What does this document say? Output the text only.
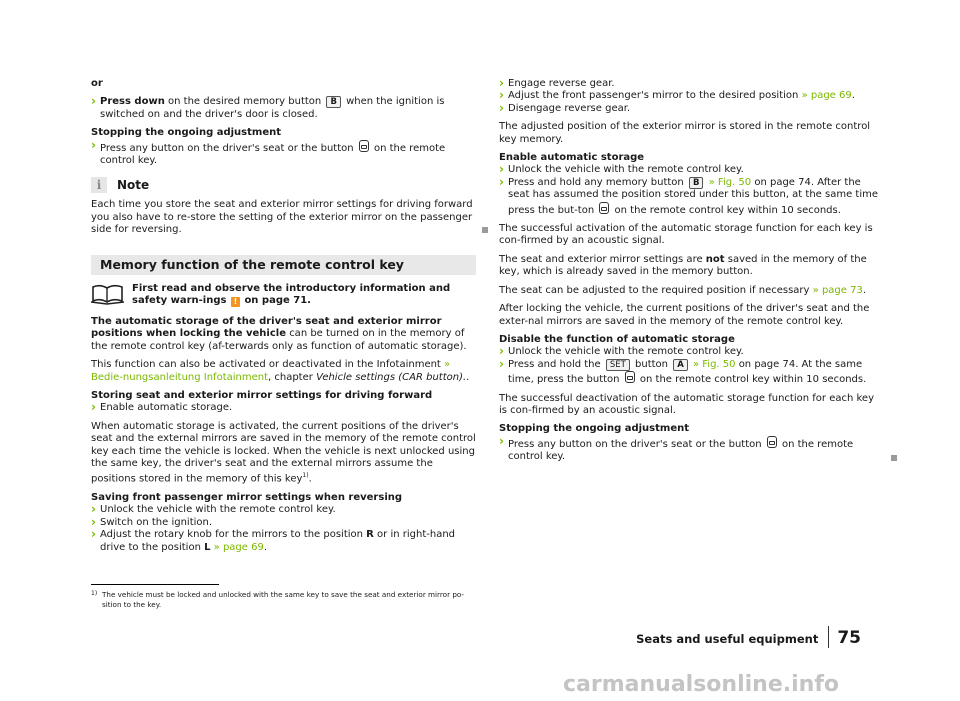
or

› Press down on the desired memory button B when the ignition is switched on and the driver's door is closed.

Stopping the ongoing adjustment

› Press any button on the driver's seat or the button on the remote control key.

i	Note

Each time you store the seat and exterior mirror settings for driving forward you also have to re-store the setting of the exterior mirror on the passenger side for reversing.

Memory function of the remote control key
First read and observe the introductory information and safety warn-ings ! on page 71.

The automatic storage of the driver's seat and exterior mirror positions when locking the vehicle can be turned on in the memory of the remote control key (af-terwards only as function of automatic storage).

This function can also be activated or deactivated in the Infotainment » Bedie-nungsanleitung Infotainment, chapter Vehicle settings (CAR button)..

Storing seat and exterior mirror settings for driving forward

› Enable automatic storage.

When automatic storage is activated, the current positions of the driver's seat and the external mirrors are saved in the memory of the remote control key each time the vehicle is locked. When the vehicle is next unlocked using the same key, the driver's seat and the external mirrors assume the positions stored in the memory of this key$^{1)}$.

Saving front passenger mirror settings when reversing

› Unlock the vehicle with the remote control key.

› Switch on the ignition.

› Adjust the rotary knob for the mirrors to the position R or in right-hand drive to the position L » page 69.

› Engage reverse gear.

› Adjust the front passenger's mirror to the desired position » page 69.

› Disengage reverse gear.

The adjusted position of the exterior mirror is stored in the remote control key memory.

Enable automatic storage

› Unlock the vehicle with the remote control key.

› Press and hold any memory button B » Fig. 50 on page 74. After the seat has assumed the position stored under this button, at the same time press the but-ton on the remote control key within 10 seconds.

The successful activation of the automatic storage function for each key is con-firmed by an acoustic signal.

The seat and exterior mirror settings are not saved in the memory of the key, which is already saved in the memory button.

The seat can be adjusted to the required position if necessary » page 73.

After locking the vehicle, the current positions of the driver's seat and the exter-nal mirrors are saved in the memory of the remote control key.

Disable the function of automatic storage

› Unlock the vehicle with the remote control key.

› Press and hold the SET button A » Fig. 50 on page 74. At the same time, press the button on the remote control key within 10 seconds.

The successful deactivation of the automatic storage function for each key is con-firmed by an acoustic signal.

Stopping the ongoing adjustment

› Press any button on the driver's seat or the button on the remote control key.

1) The vehicle must be locked and unlocked with the same key to save the seat and exterior mirror po-sition to the key.
Seats and useful equipment 75
carmanualsonline.info
